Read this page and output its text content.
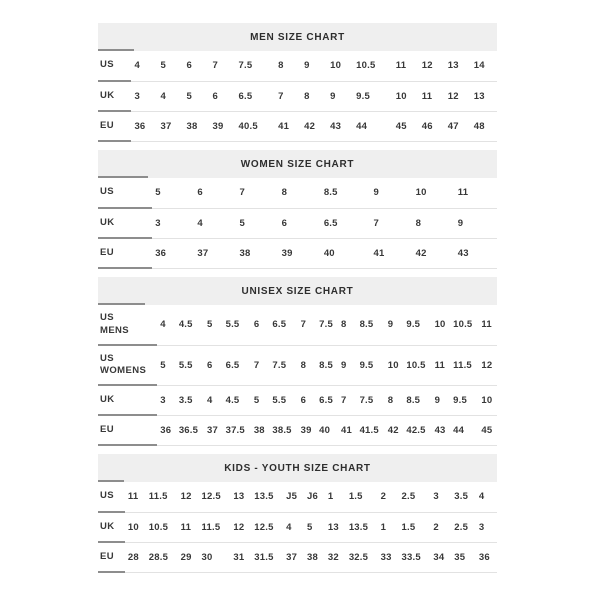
MEN SIZE CHART													
US	4	5	6	7	7.5	8	9	10	10.5	11	12	13	14
UK	3	4	5	6	6.5	7	8	9	9.5	10	11	12	13
EU	36	37	38	39	40.5	41	42	43	44	45	46	47	48
WOMEN SIZE CHART								
US	5	6	7	8	8.5	9	10	11
UK	3	4	5	6	6.5	7	8	9
EU	36	37	38	39	40	41	42	43
UNISEX SIZE CHART															
US MENS	4	4.5	5	5.5	6	6.5	7	7.5	8	8.5	9	9.5	10	10.5	11
US WOMENS	5	5.5	6	6.5	7	7.5	8	8.5	9	9.5	10	10.5	11	11.5	12
UK	3	3.5	4	4.5	5	5.5	6	6.5	7	7.5	8	8.5	9	9.5	10
EU	36	36.5	37	37.5	38	38.5	39	40	41	41.5	42	42.5	43	44	45
KIDS - YOUTH SIZE CHART															
US	11	11.5	12	12.5	13	13.5	J5	J6	1	1.5	2	2.5	3	3.5	4
UK	10	10.5	11	11.5	12	12.5	4	5	13	13.5	1	1.5	2	2.5	3
EU	28	28.5	29	30	31	31.5	37	38	32	32.5	33	33.5	34	35	36
